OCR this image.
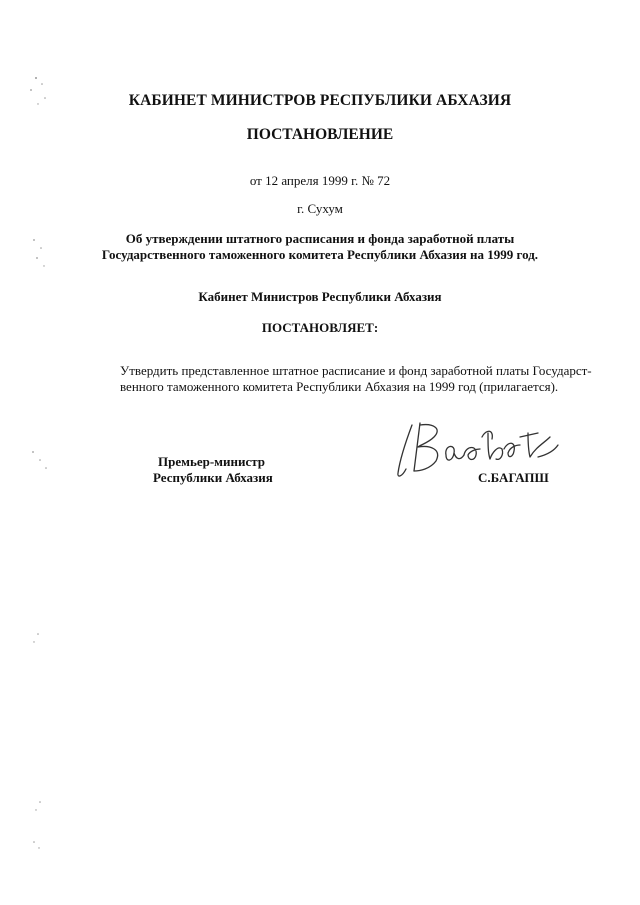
КАБИНЕТ МИНИСТРОВ РЕСПУБЛИКИ АБХАЗИЯ
ПОСТАНОВЛЕНИЕ
от 12 апреля 1999 г. № 72
г. Сухум
Об утверждении штатного расписания и фонда заработной платы
Государственного таможенного комитета Республики Абхазия на 1999 год.
Кабинет Министров Республики Абхазия
ПОСТАНОВЛЯЕТ:
Утвердить представленное штатное расписание и фонд заработной платы Государст-
венного таможенного комитета Республики Абхазия на 1999 год (прилагается).
Премьер-министр
Республики Абхазия	С.БАГАПШ
